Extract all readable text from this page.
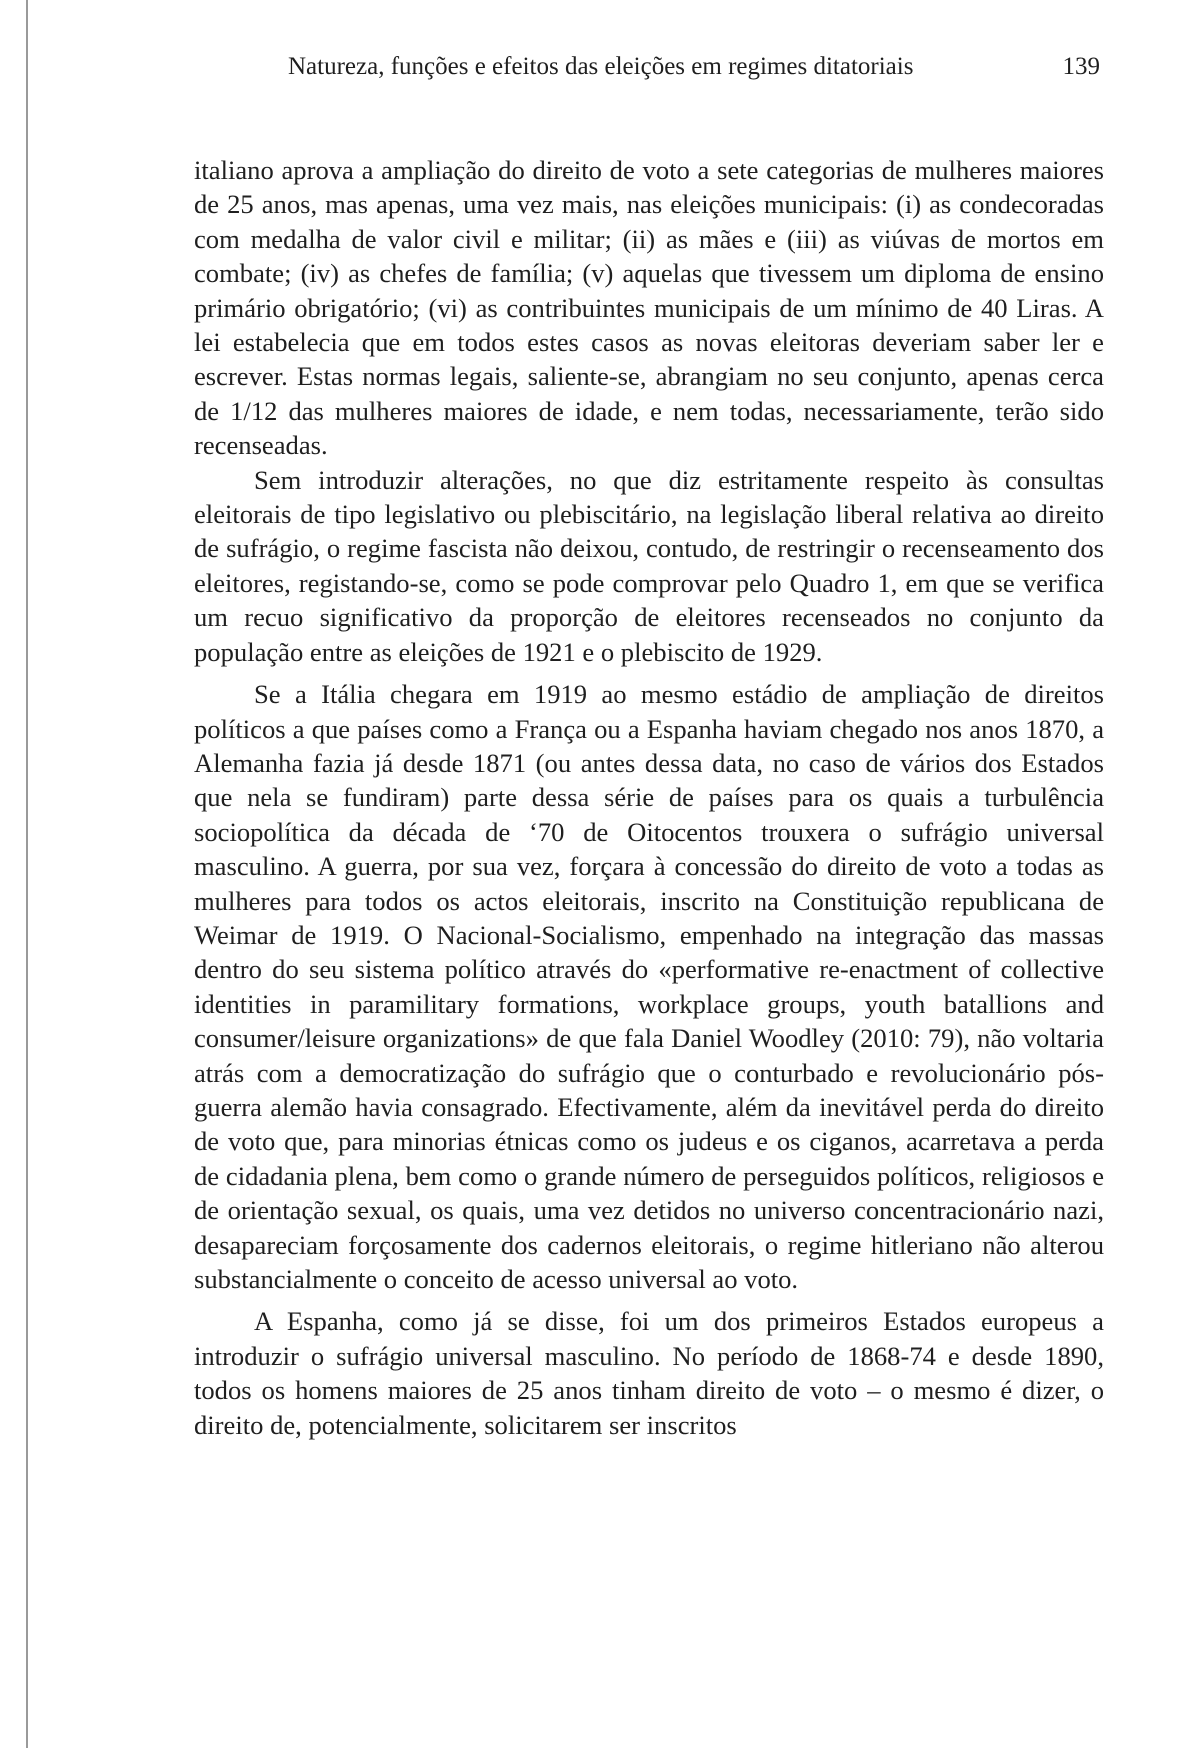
Natureza, funções e efeitos das eleições em regimes ditatoriais	139

italiano aprova a ampliação do direito de voto a sete categorias de mulheres maiores de 25 anos, mas apenas, uma vez mais, nas eleições municipais: (i) as condecoradas com medalha de valor civil e militar; (ii) as mães e (iii) as viúvas de mortos em combate; (iv) as chefes de família; (v) aquelas que tivessem um diploma de ensino primário obrigatório; (vi) as contribuintes municipais de um mínimo de 40 Liras. A lei estabelecia que em todos estes casos as novas eleitoras deveriam saber ler e escrever. Estas normas legais, saliente-se, abrangiam no seu conjunto, apenas cerca de 1/12 das mulheres maiores de idade, e nem todas, necessariamente, terão sido recenseadas.

Sem introduzir alterações, no que diz estritamente respeito às consultas eleitorais de tipo legislativo ou plebiscitário, na legislação liberal relativa ao direito de sufrágio, o regime fascista não deixou, contudo, de restringir o recenseamento dos eleitores, registando-se, como se pode comprovar pelo Quadro 1, em que se verifica um recuo significativo da proporção de eleitores recenseados no conjunto da população entre as eleições de 1921 e o plebiscito de 1929.

Se a Itália chegara em 1919 ao mesmo estádio de ampliação de direitos políticos a que países como a França ou a Espanha haviam chegado nos anos 1870, a Alemanha fazia já desde 1871 (ou antes dessa data, no caso de vários dos Estados que nela se fundiram) parte dessa série de países para os quais a turbulência sociopolítica da década de ‘70 de Oitocentos trouxera o sufrágio universal masculino. A guerra, por sua vez, forçara à concessão do direito de voto a todas as mulheres para todos os actos eleitorais, inscrito na Constituição republicana de Weimar de 1919. O Nacional-Socialismo, empenhado na integração das massas dentro do seu sistema político através do «performative re-enactment of collective identities in paramilitary formations, workplace groups, youth batallions and consumer/leisure organizations» de que fala Daniel Woodley (2010: 79), não voltaria atrás com a democratização do sufrágio que o conturbado e revolucionário pós-guerra alemão havia consagrado. Efectivamente, além da inevitável perda do direito de voto que, para minorias étnicas como os judeus e os ciganos, acarretava a perda de cidadania plena, bem como o grande número de perseguidos políticos, religiosos e de orientação sexual, os quais, uma vez detidos no universo concentracionário nazi, desapareciam forçosamente dos cadernos eleitorais, o regime hitleriano não alterou substancialmente o conceito de acesso universal ao voto.

A Espanha, como já se disse, foi um dos primeiros Estados europeus a introduzir o sufrágio universal masculino. No período de 1868-74 e desde 1890, todos os homens maiores de 25 anos tinham direito de voto – o mesmo é dizer, o direito de, potencialmente, solicitarem ser inscritos
